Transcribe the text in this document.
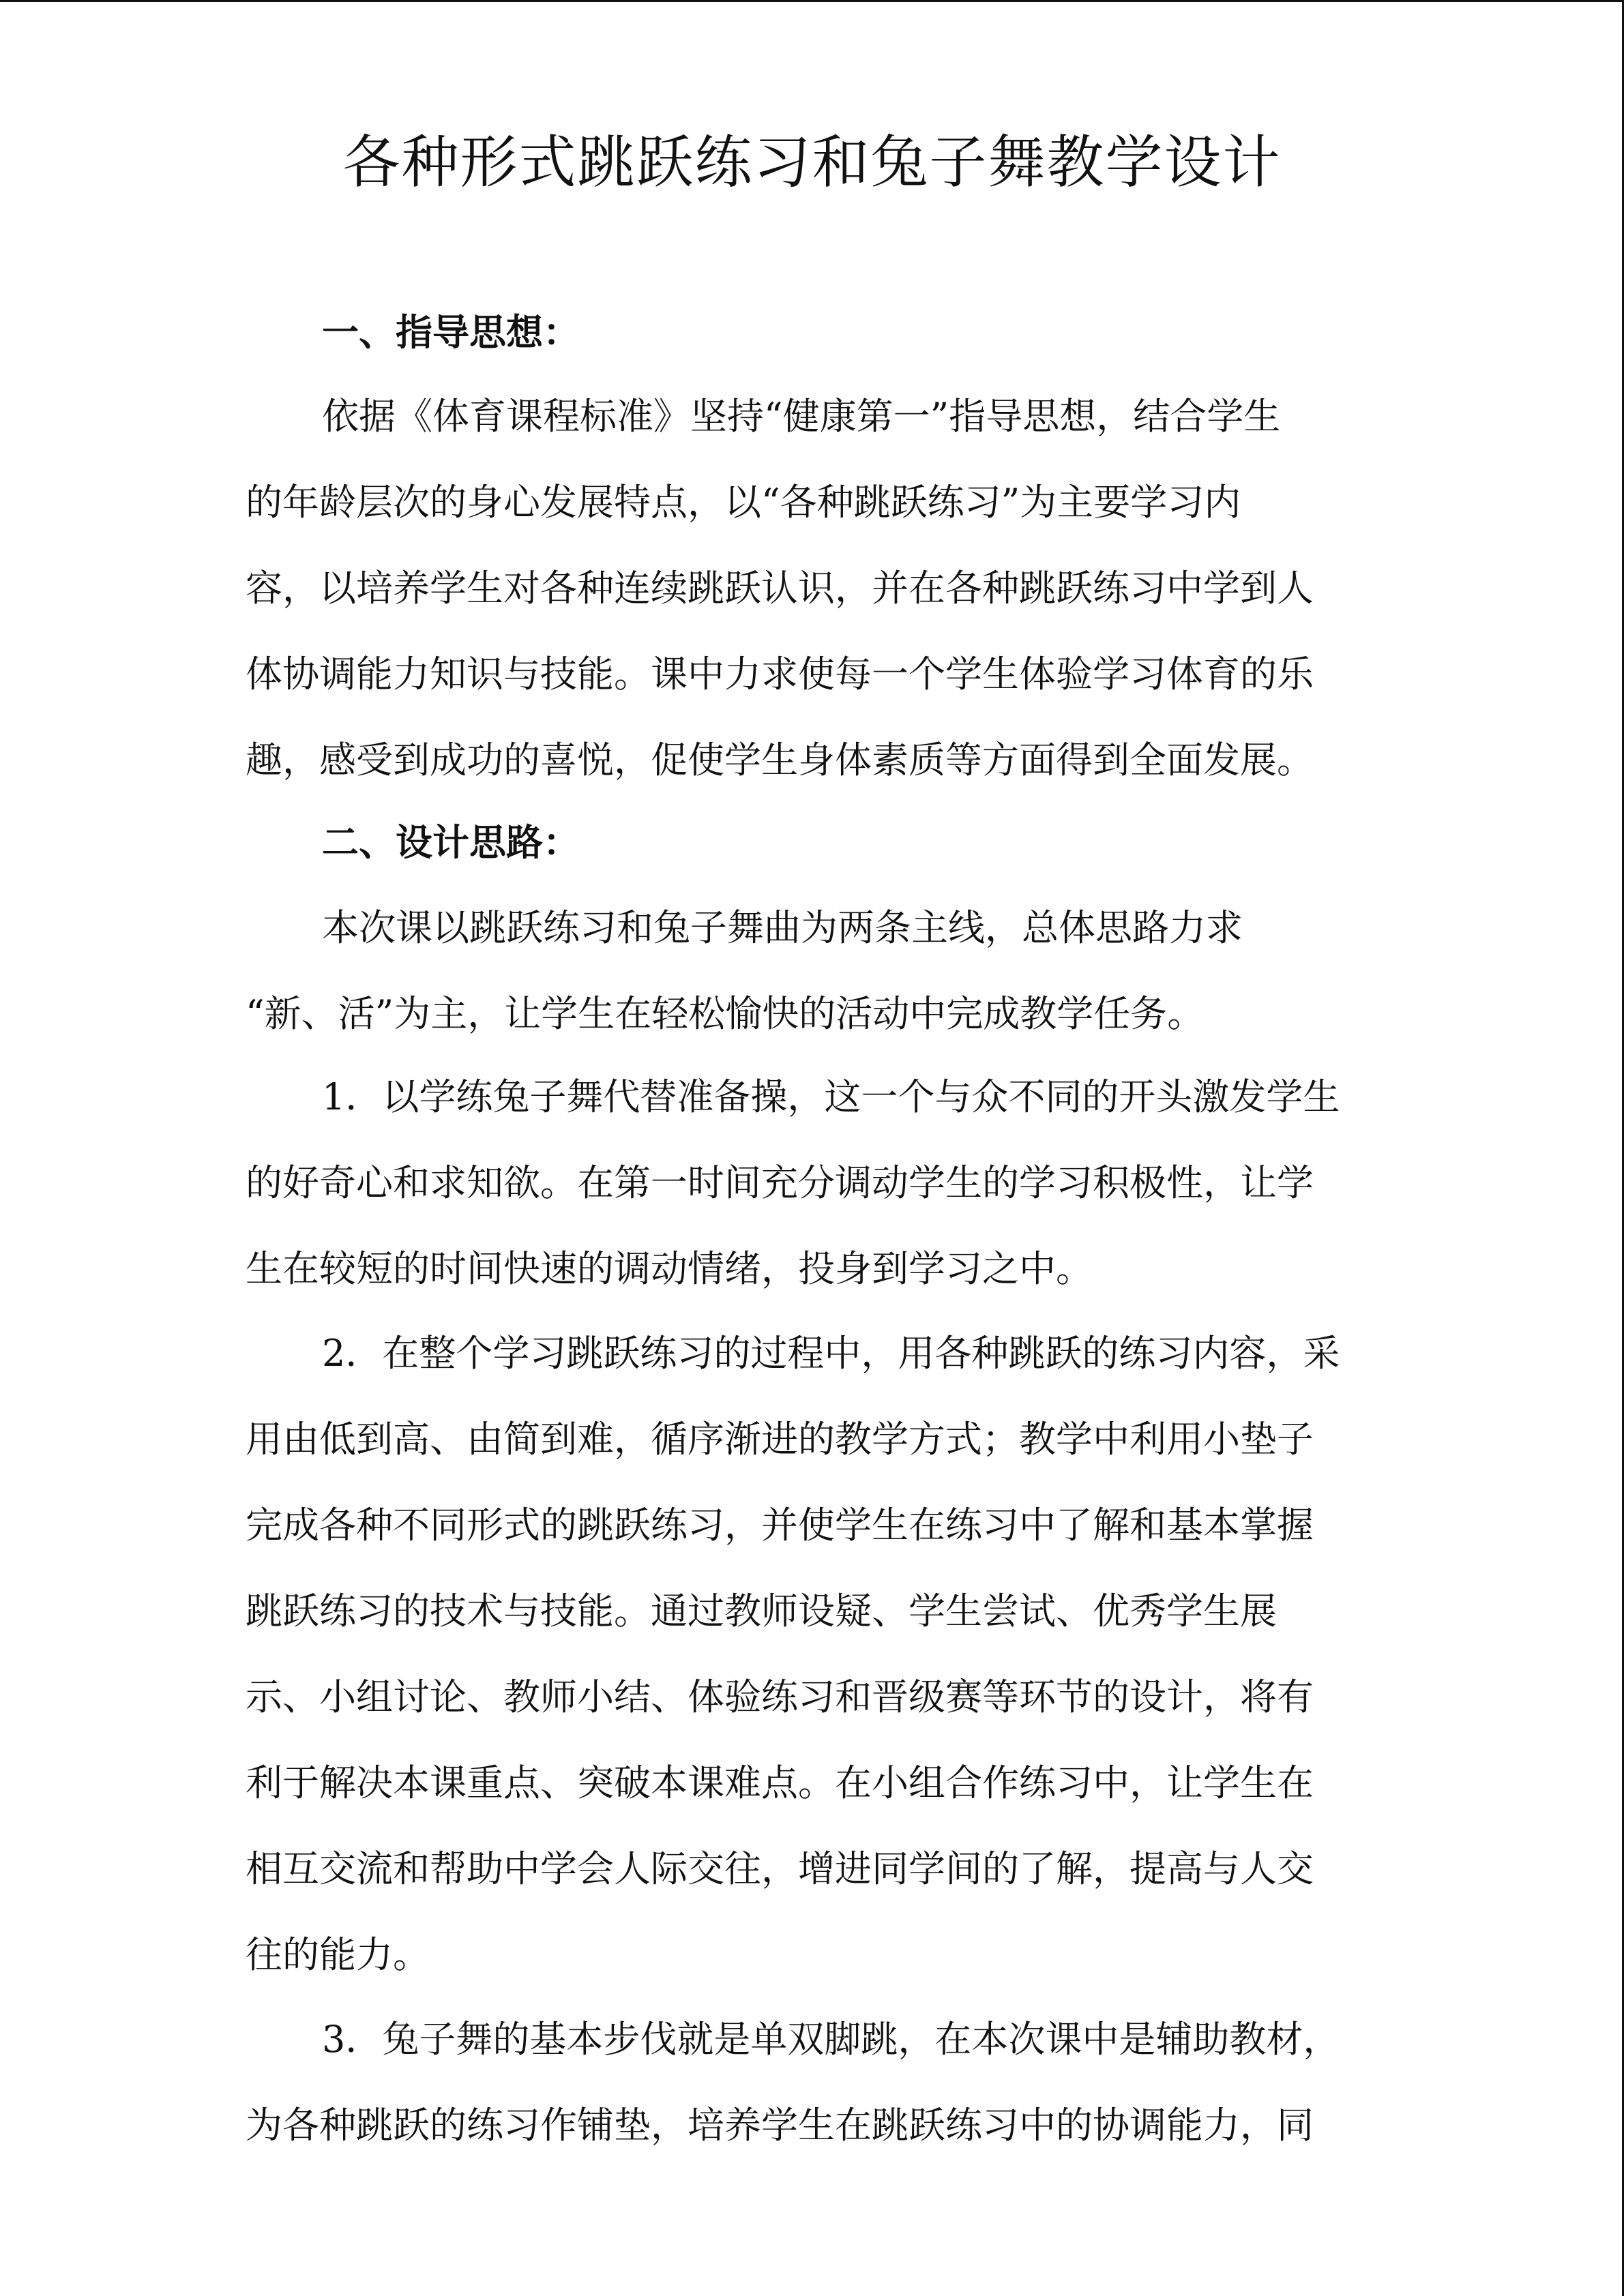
各种形式跳跃练习和兔子舞教学设计
一、指导思想：
依据《体育课程标准》坚持“健康第一”指导思想，结合学生
的年龄层次的身心发展特点，以“各种跳跃练习”为主要学习内
容，以培养学生对各种连续跳跃认识，并在各种跳跃练习中学到人
体协调能力知识与技能。课中力求使每一个学生体验学习体育的乐
趣，感受到成功的喜悦，促使学生身体素质等方面得到全面发展。
二、设计思路：
本次课以跳跃练习和兔子舞曲为两条主线，总体思路力求
“新、活”为主，让学生在轻松愉快的活动中完成教学任务。
1．以学练兔子舞代替准备操，这一个与众不同的开头激发学生
的好奇心和求知欲。在第一时间充分调动学生的学习积极性，让学
生在较短的时间快速的调动情绪，投身到学习之中。
2．在整个学习跳跃练习的过程中，用各种跳跃的练习内容，采
用由低到高、由简到难，循序渐进的教学方式；教学中利用小垫子
完成各种不同形式的跳跃练习，并使学生在练习中了解和基本掌握
跳跃练习的技术与技能。通过教师设疑、学生尝试、优秀学生展
示、小组讨论、教师小结、体验练习和晋级赛等环节的设计，将有
利于解决本课重点、突破本课难点。在小组合作练习中，让学生在
相互交流和帮助中学会人际交往，增进同学间的了解，提高与人交
往的能力。
3．兔子舞的基本步伐就是单双脚跳，在本次课中是辅助教材，
为各种跳跃的练习作铺垫，培养学生在跳跃练习中的协调能力，同
